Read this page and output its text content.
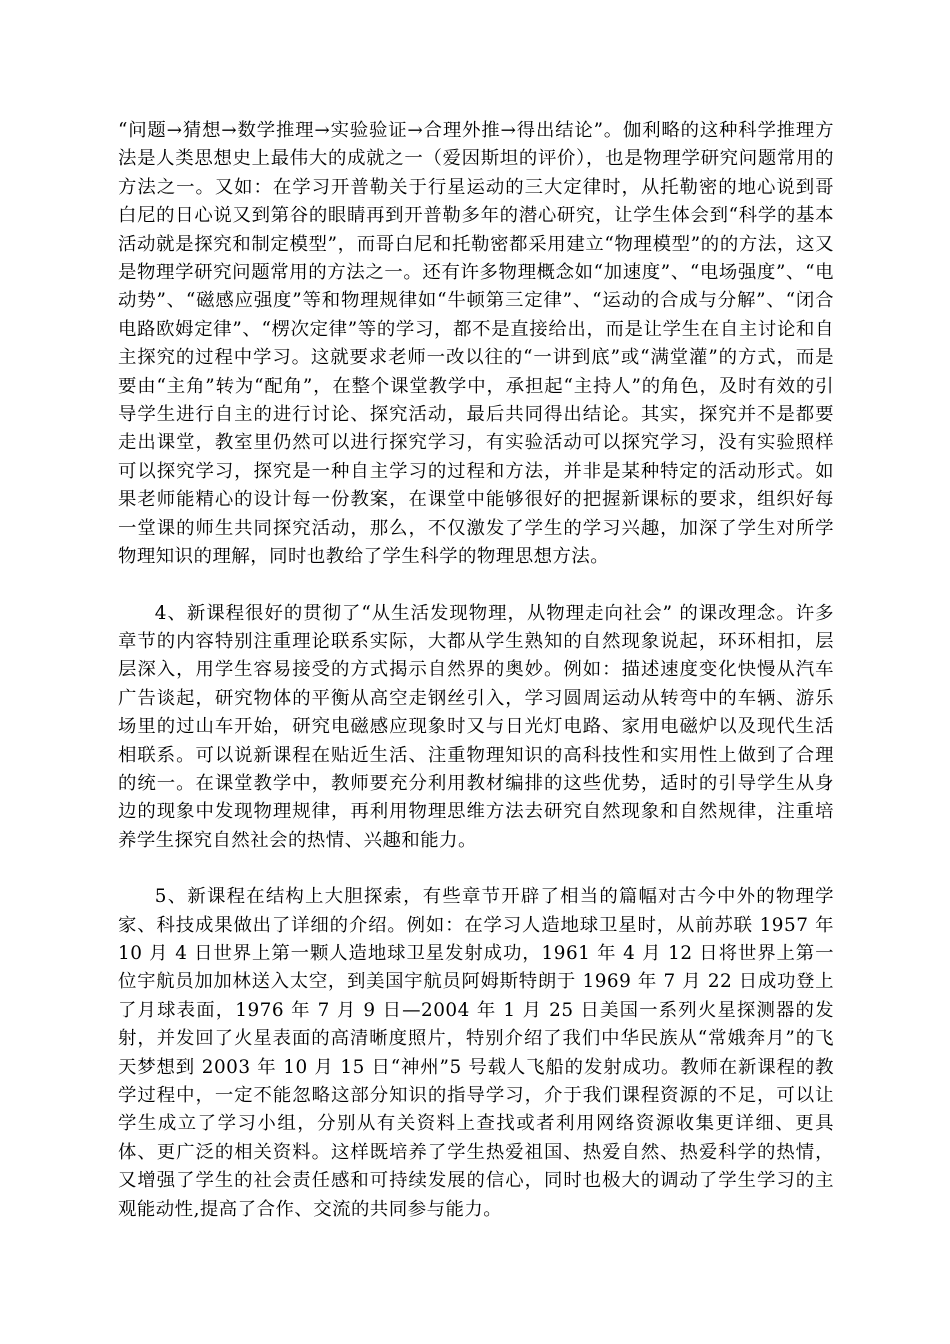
“问题→猜想→数学推理→实验验证→合理外推→得出结论”。伽利略的这种科学推理方法是人类思想史上最伟大的成就之一（爱因斯坦的评价），也是物理学研究问题常用的方法之一。又如：在学习开普勒关于行星运动的三大定律时，从托勒密的地心说到哥白尼的日心说又到第谷的眼睛再到开普勒多年的潜心研究，让学生体会到“科学的基本活动就是探究和制定模型”，而哥白尼和托勒密都采用建立“物理模型”的的方法，这又是物理学研究问题常用的方法之一。还有许多物理概念如“加速度”、“电场强度”、“电动势”、“磁感应强度”等和物理规律如“牛顿第三定律”、“运动的合成与分解”、“闭合电路欧姆定律”、“楞次定律”等的学习，都不是直接给出，而是让学生在自主讨论和自主探究的过程中学习。这就要求老师一改以往的“一讲到底”或“满堂灌”的方式，而是要由“主角”转为“配角”，在整个课堂教学中，承担起“主持人”的角色，及时有效的引导学生进行自主的进行讨论、探究活动，最后共同得出结论。其实，探究并不是都要走出课堂，教室里仍然可以进行探究学习，有实验活动可以探究学习，没有实验照样可以探究学习，探究是一种自主学习的过程和方法，并非是某种特定的活动形式。如果老师能精心的设计每一份教案，在课堂中能够很好的把握新课标的要求，组织好每一堂课的师生共同探究活动，那么，不仅激发了学生的学习兴趣，加深了学生对所学物理知识的理解，同时也教给了学生科学的物理思想方法。

4、新课程很好的贯彻了“从生活发现物理，从物理走向社会” 的课改理念。许多章节的内容特别注重理论联系实际，大都从学生熟知的自然现象说起，环环相扣，层层深入，用学生容易接受的方式揭示自然界的奥妙。例如：描述速度变化快慢从汽车广告谈起，研究物体的平衡从高空走钢丝引入，学习圆周运动从转弯中的车辆、游乐场里的过山车开始，研究电磁感应现象时又与日光灯电路、家用电磁炉以及现代生活相联系。可以说新课程在贴近生活、注重物理知识的高科技性和实用性上做到了合理的统一。在课堂教学中，教师要充分利用教材编排的这些优势，适时的引导学生从身边的现象中发现物理规律，再利用物理思维方法去研究自然现象和自然规律，注重培养学生探究自然社会的热情、兴趣和能力。

5、新课程在结构上大胆探索，有些章节开辟了相当的篇幅对古今中外的物理学家、科技成果做出了详细的介绍。例如：在学习人造地球卫星时，从前苏联 1957 年 10 月 4 日世界上第一颗人造地球卫星发射成功，1961 年 4 月 12 日将世界上第一位宇航员加加林送入太空，到美国宇航员阿姆斯特朗于 1969 年 7 月 22 日成功登上了月球表面，1976 年 7 月 9 日—2004 年 1 月 25 日美国一系列火星探测器的发射，并发回了火星表面的高清晰度照片，特别介绍了我们中华民族从“常娥奔月”的飞天梦想到 2003 年 10 月 15 日“神州”5 号载人飞船的发射成功。教师在新课程的教学过程中，一定不能忽略这部分知识的指导学习，介于我们课程资源的不足，可以让学生成立了学习小组，分别从有关资料上查找或者利用网络资源收集更详细、更具体、更广泛的相关资料。这样既培养了学生热爱祖国、热爱自然、热爱科学的热情，又增强了学生的社会责任感和可持续发展的信心，同时也极大的调动了学生学习的主观能动性,提高了合作、交流的共同参与能力。
